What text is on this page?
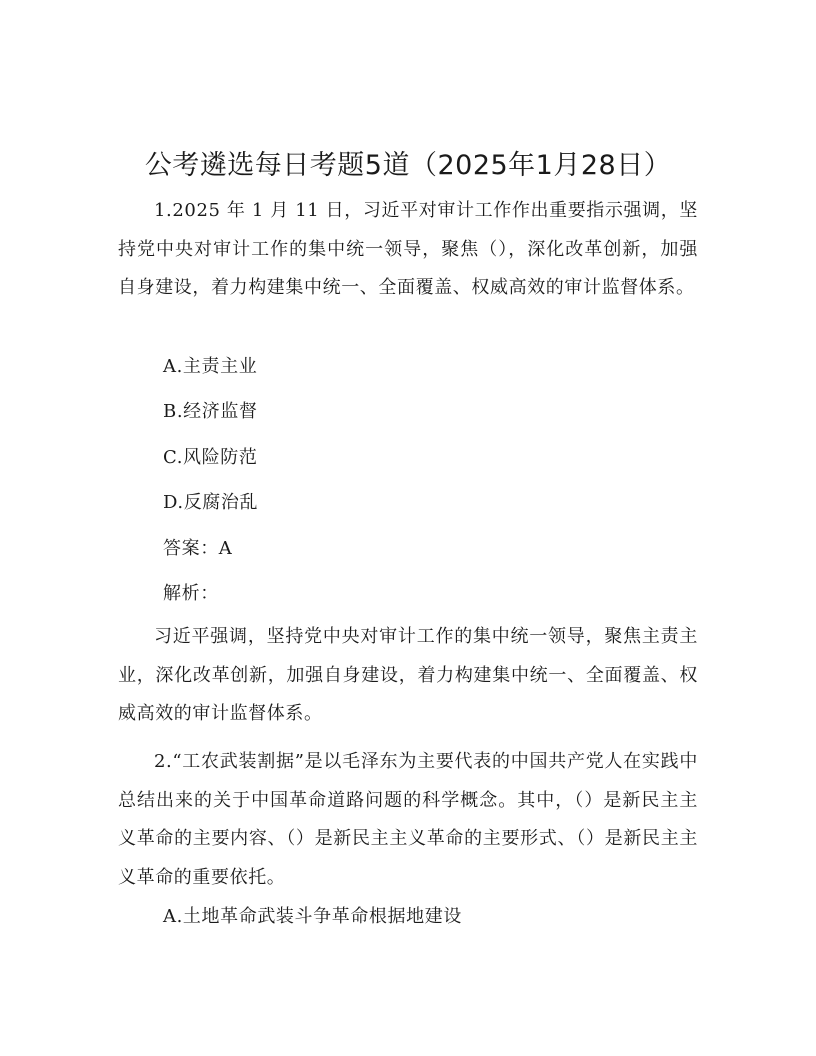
公考遴选每日考题5道（2025年1月28日）

1.2025 年 1 月 11 日，习近平对审计工作作出重要指示强调，坚持党中央对审计工作的集中统一领导，聚焦（），深化改革创新，加强自身建设，着力构建集中统一、全面覆盖、权威高效的审计监督体系。

A.主责主业

B.经济监督

C.风险防范

D.反腐治乱

答案：A

解析：

习近平强调，坚持党中央对审计工作的集中统一领导，聚焦主责主业，深化改革创新，加强自身建设，着力构建集中统一、全面覆盖、权威高效的审计监督体系。

2.“工农武装割据”是以毛泽东为主要代表的中国共产党人在实践中总结出来的关于中国革命道路问题的科学概念。其中，（）是新民主主义革命的主要内容、（）是新民主主义革命的主要形式、（）是新民主主义革命的重要依托。

A.土地革命武装斗争革命根据地建设
